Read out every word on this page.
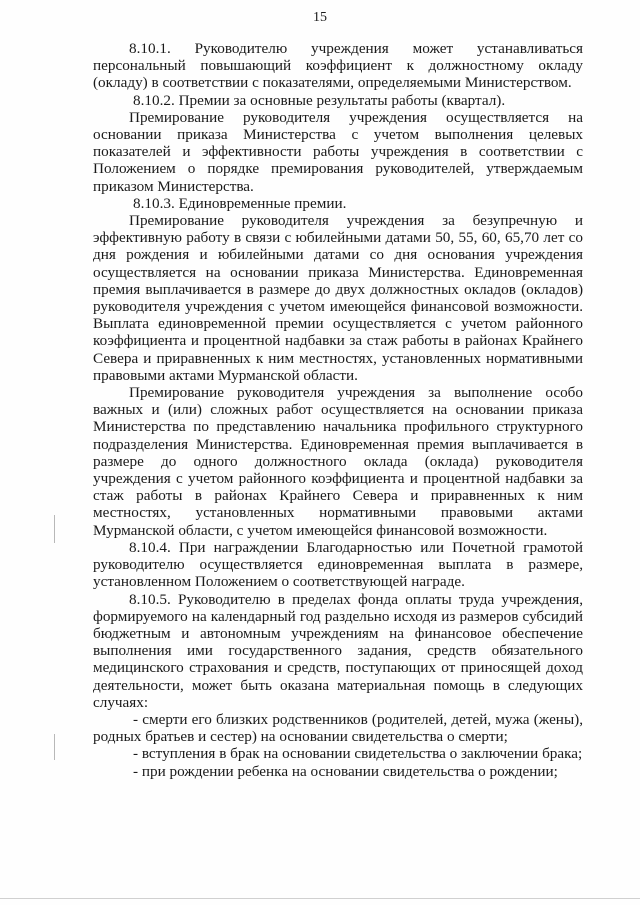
15

8.10.1. Руководителю учреждения может устанавливаться персональный повышающий коэффициент к должностному окладу (окладу) в соответствии с показателями, определяемыми Министерством.

8.10.2. Премии за основные результаты работы (квартал).

Премирование руководителя учреждения осуществляется на основании приказа Министерства с учетом выполнения целевых показателей и эффективности работы учреждения в соответствии с Положением о порядке премирования руководителей, утверждаемым приказом Министерства.

8.10.3. Единовременные премии.

Премирование руководителя учреждения за безупречную и эффективную работу в связи с юбилейными датами 50, 55, 60, 65,70 лет со дня рождения и юбилейными датами со дня основания учреждения осуществляется на основании приказа Министерства. Единовременная премия выплачивается в размере до двух должностных окладов (окладов) руководителя учреждения с учетом имеющейся финансовой возможности. Выплата единовременной премии осуществляется с учетом районного коэффициента и процентной надбавки за стаж работы в районах Крайнего Севера и приравненных к ним местностях, установленных нормативными правовыми актами Мурманской области.

Премирование руководителя учреждения за выполнение особо важных и (или) сложных работ осуществляется на основании приказа Министерства по представлению начальника профильного структурного подразделения Министерства. Единовременная премия выплачивается в размере до одного должностного оклада (оклада) руководителя учреждения с учетом районного коэффициента и процентной надбавки за стаж работы в районах Крайнего Севера и приравненных к ним местностях, установленных нормативными правовыми актами Мурманской области, с учетом имеющейся финансовой возможности.

8.10.4. При награждении Благодарностью или Почетной грамотой руководителю осуществляется единовременная выплата в размере, установленном Положением о соответствующей награде.

8.10.5. Руководителю в пределах фонда оплаты труда учреждения, формируемого на календарный год раздельно исходя из размеров субсидий бюджетным и автономным учреждениям на финансовое обеспечение выполнения ими государственного задания, средств обязательного медицинского страхования и средств, поступающих от приносящей доход деятельности, может быть оказана материальная помощь в следующих случаях:

- смерти его близких родственников (родителей, детей, мужа (жены), родных братьев и сестер) на основании свидетельства о смерти;

- вступления в брак на основании свидетельства о заключении брака;

- при рождении ребенка на основании свидетельства о рождении;
